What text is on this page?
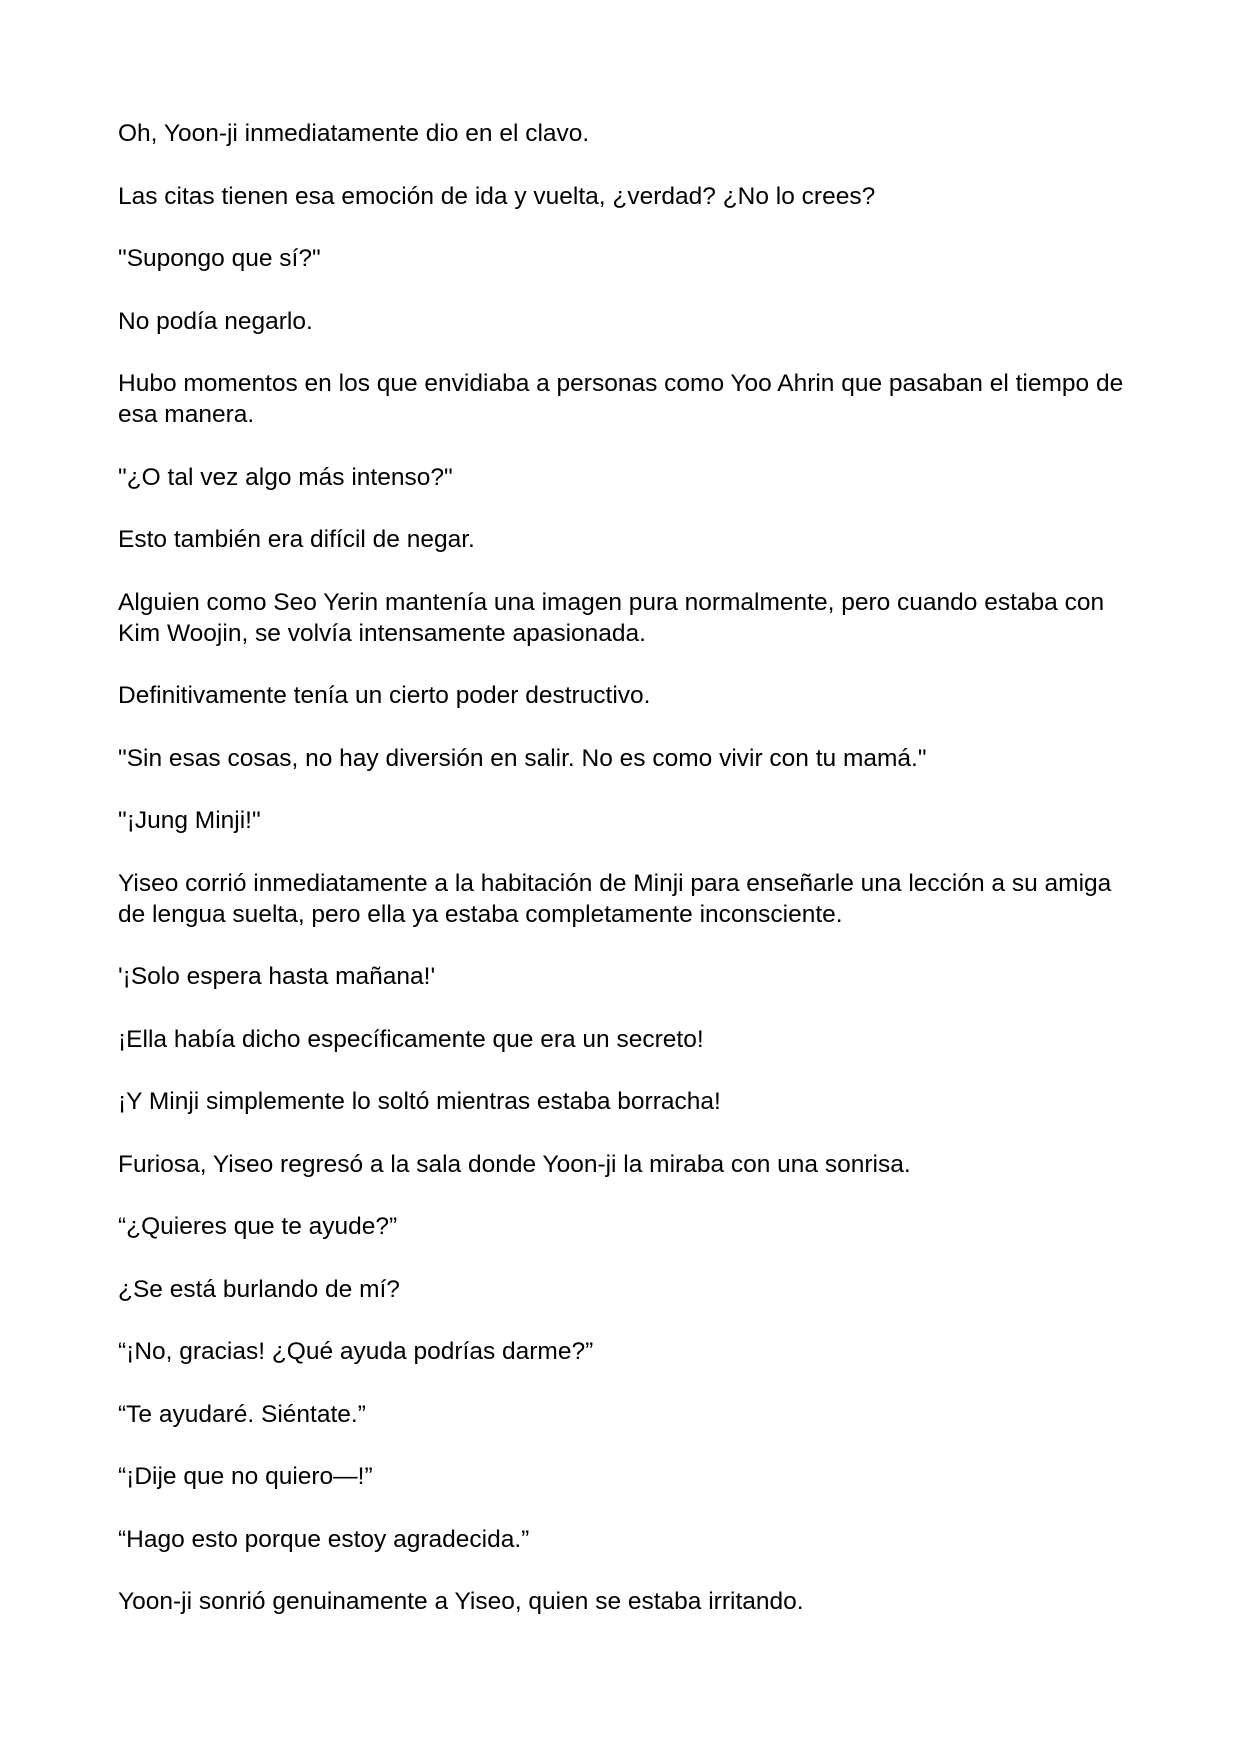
Oh, Yoon-ji inmediatamente dio en el clavo.

Las citas tienen esa emoción de ida y vuelta, ¿verdad? ¿No lo crees?

"Supongo que sí?"

No podía negarlo.

Hubo momentos en los que envidiaba a personas como Yoo Ahrin que pasaban el tiempo de esa manera.

"¿O tal vez algo más intenso?"

Esto también era difícil de negar.

Alguien como Seo Yerin mantenía una imagen pura normalmente, pero cuando estaba con Kim Woojin, se volvía intensamente apasionada.

Definitivamente tenía un cierto poder destructivo.

"Sin esas cosas, no hay diversión en salir. No es como vivir con tu mamá."

"¡Jung Minji!"

Yiseo corrió inmediatamente a la habitación de Minji para enseñarle una lección a su amiga de lengua suelta, pero ella ya estaba completamente inconsciente.

'¡Solo espera hasta mañana!'

¡Ella había dicho específicamente que era un secreto!

¡Y Minji simplemente lo soltó mientras estaba borracha!

Furiosa, Yiseo regresó a la sala donde Yoon-ji la miraba con una sonrisa.

“¿Quieres que te ayude?”

¿Se está burlando de mí?

“¡No, gracias! ¿Qué ayuda podrías darme?”

“Te ayudaré. Siéntate.”

“¡Dije que no quiero—!”

“Hago esto porque estoy agradecida.”

Yoon-ji sonrió genuinamente a Yiseo, quien se estaba irritando.
